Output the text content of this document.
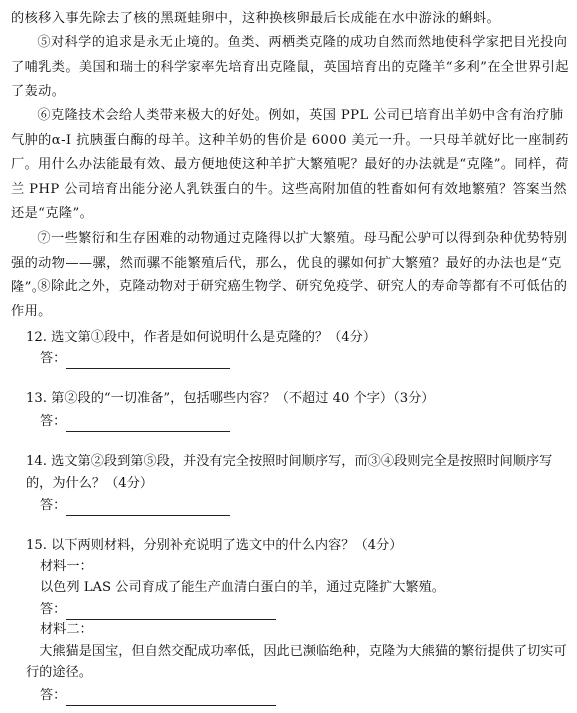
的核移入事先除去了核的黑斑蛙卵中，这种换核卵最后长成能在水中游泳的蝌蚪。

⑤对科学的追求是永无止境的。鱼类、两栖类克隆的成功自然而然地使科学家把目光投向了哺乳类。美国和瑞士的科学家率先培育出克隆鼠，英国培育出的克隆羊“多利”在全世界引起了轰动。

⑥克隆技术会给人类带来极大的好处。例如，英国 PPL 公司已培育出羊奶中含有治疗肺气肿的α-I 抗胰蛋白酶的母羊。这种羊奶的售价是 6000 美元一升。一只母羊就好比一座制药厂。用什么办法能最有效、最方便地使这种羊扩大繁殖呢？最好的办法就是“克隆”。同样，荷兰 PHP 公司培育出能分泌人乳铁蛋白的牛。这些高附加值的牲畜如何有效地繁殖？答案当然还是“克隆”。

⑦一些繁衍和生存困难的动物通过克隆得以扩大繁殖。母马配公驴可以得到杂种优势特别强的动物——骡，然而骡不能繁殖后代，那么，优良的骡如何扩大繁殖？最好的办法也是“克隆”。

⑧除此之外，克隆动物对于研究癌生物学、研究免疫学、研究人的寿命等都有不可低估的作用。

12. 选文第①段中，作者是如何说明什么是克隆的？（4分）

答：

13. 第②段的“一切准备”，包括哪些内容？（不超过 40 个字）（3分）

答：

14. 选文第②段到第⑤段，并没有完全按照时间顺序写，而③④段则完全是按照时间顺序写的，为什么？（4分）

答：

15. 以下两则材料，分别补充说明了选文中的什么内容？（4分）

材料一：

以色列 LAS 公司育成了能生产血清白蛋白的羊，通过克隆扩大繁殖。

答：

材料二：

大熊猫是国宝，但自然交配成功率低，因此已濒临绝种，克隆为大熊猫的繁衍提供了切实可行的途径。

答：
